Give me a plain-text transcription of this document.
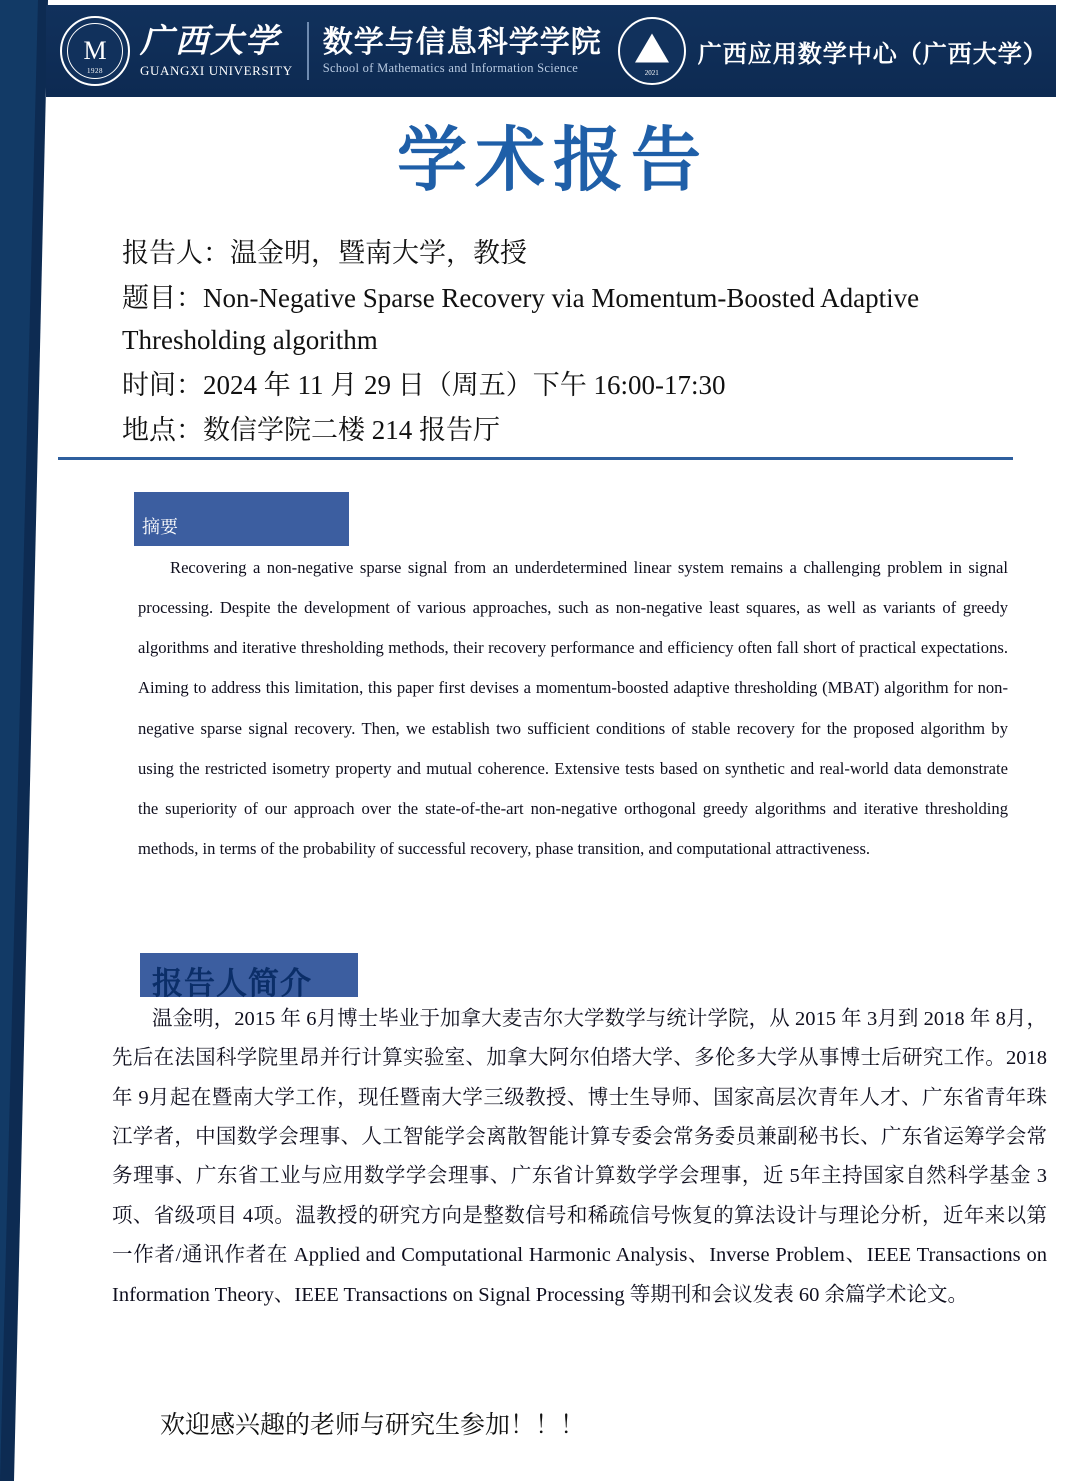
1928
M
广西大学
GUANGXI UNIVERSITY
数学与信息科学学院
School of Mathematics and Information Science	2021
广西应用数学中心（广西大学）
学术报告
报告人：温金明，暨南大学，教授
题目：Non-Negative Sparse Recovery via Momentum-Boosted Adaptive Thresholding algorithm
时间：2024 年 11 月 29 日（周五）下午 16:00-17:30
地点：数信学院二楼 214 报告厅
摘要
Recovering a non-negative sparse signal from an underdetermined linear system remains a challenging problem in signal processing. Despite the development of various approaches, such as non-negative least squares, as well as variants of greedy algorithms and iterative thresholding methods, their recovery performance and efficiency often fall short of practical expectations. Aiming to address this limitation, this paper first devises a momentum-boosted adaptive thresholding (MBAT) algorithm for non-negative sparse signal recovery. Then, we establish two sufficient conditions of stable recovery for the proposed algorithm by using the restricted isometry property and mutual coherence. Extensive tests based on synthetic and real-world data demonstrate the superiority of our approach over the state-of-the-art non-negative orthogonal greedy algorithms and iterative thresholding methods, in terms of the probability of successful recovery, phase transition, and computational attractiveness.
报告人简介
温金明，2015 年 6月博士毕业于加拿大麦吉尔大学数学与统计学院，从 2015 年 3月到 2018 年 8月，先后在法国科学院里昂并行计算实验室、加拿大阿尔伯塔大学、多伦多大学从事博士后研究工作。2018 年 9月起在暨南大学工作，现任暨南大学三级教授、博士生导师、国家高层次青年人才、广东省青年珠江学者，中国数学会理事、人工智能学会离散智能计算专委会常务委员兼副秘书长、广东省运筹学会常务理事、广东省工业与应用数学学会理事、广东省计算数学学会理事，近 5年主持国家自然科学基金 3项、省级项目 4项。温教授的研究方向是整数信号和稀疏信号恢复的算法设计与理论分析，近年来以第一作者/通讯作者在 Applied and Computational Harmonic Analysis、Inverse Problem、IEEE Transactions on Information Theory、IEEE Transactions on Signal Processing 等期刊和会议发表 60 余篇学术论文。
欢迎感兴趣的老师与研究生参加！！！
